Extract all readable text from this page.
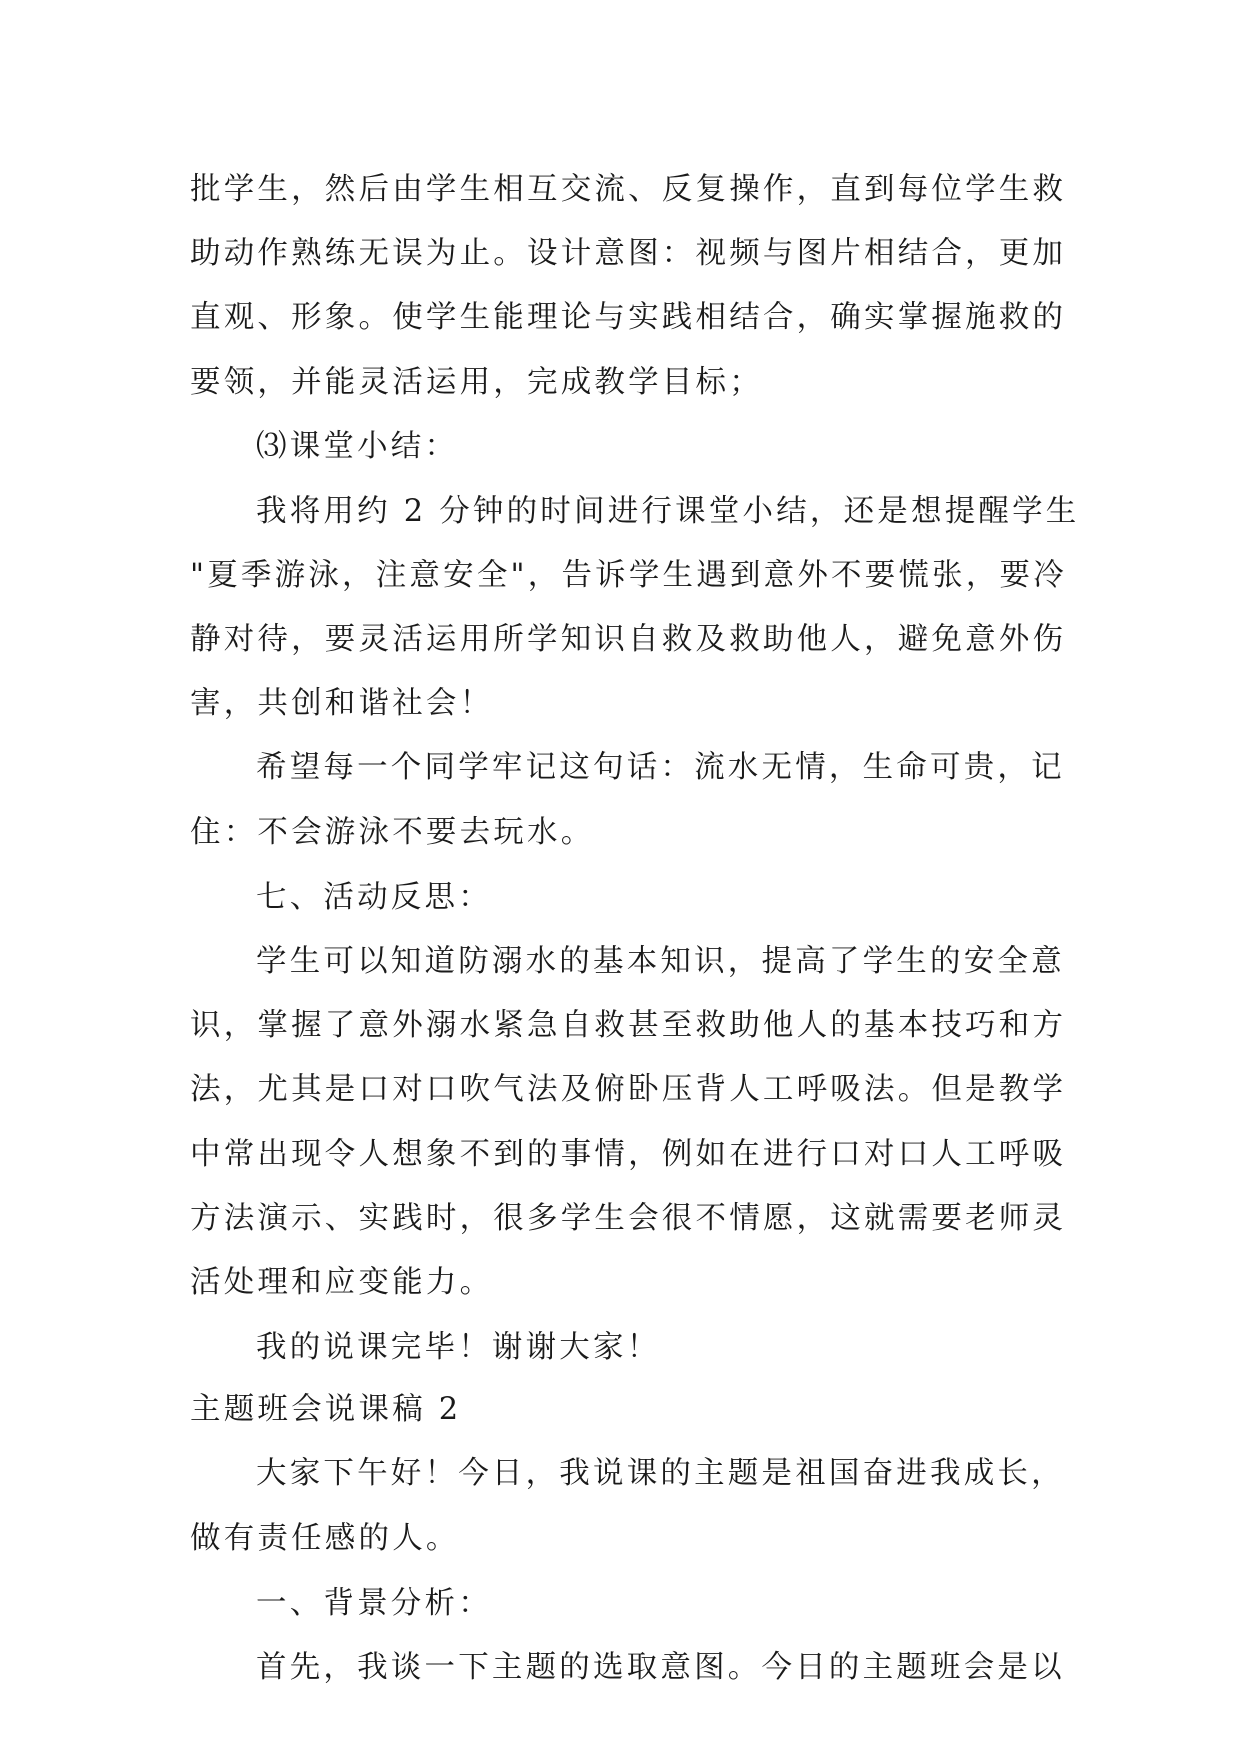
批学生，然后由学生相互交流、反复操作，直到每位学生救
助动作熟练无误为止。设计意图：视频与图片相结合，更加
直观、形象。使学生能理论与实践相结合，确实掌握施救的
要领，并能灵活运用，完成教学目标；
⑶课堂小结：
我将用约 2 分钟的时间进行课堂小结，还是想提醒学生
"夏季游泳，注意安全"，告诉学生遇到意外不要慌张，要冷
静对待，要灵活运用所学知识自救及救助他人，避免意外伤
害，共创和谐社会！
希望每一个同学牢记这句话：流水无情，生命可贵，记
住：不会游泳不要去玩水。
七、活动反思：
学生可以知道防溺水的基本知识，提高了学生的安全意
识，掌握了意外溺水紧急自救甚至救助他人的基本技巧和方
法，尤其是口对口吹气法及俯卧压背人工呼吸法。但是教学
中常出现令人想象不到的事情，例如在进行口对口人工呼吸
方法演示、实践时，很多学生会很不情愿，这就需要老师灵
活处理和应变能力。
我的说课完毕！谢谢大家！
主题班会说课稿 2
大家下午好！今日，我说课的主题是祖国奋进我成长，
做有责任感的人。
一、背景分析：
首先，我谈一下主题的选取意图。今日的主题班会是以
